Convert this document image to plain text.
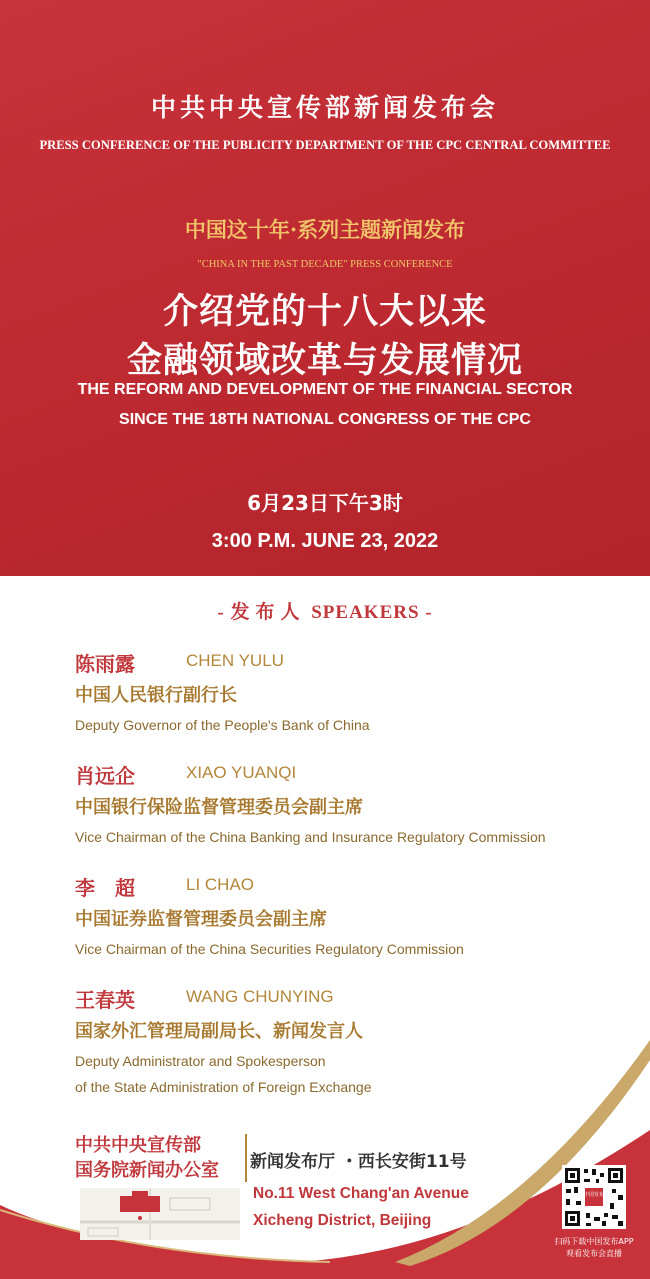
中共中央宣传部新闻发布会
PRESS CONFERENCE OF THE PUBLICITY DEPARTMENT OF THE CPC CENTRAL COMMITTEE
中国这十年·系列主题新闻发布
"CHINA IN THE PAST DECADE" PRESS CONFERENCE
介绍党的十八大以来
金融领域改革与发展情况
THE REFORM AND DEVELOPMENT OF THE FINANCIAL SECTOR
SINCE THE 18TH NATIONAL CONGRESS OF THE CPC
6月23日下午3时
3:00 P.M. JUNE 23, 2022
- 发布人 SPEAKERS -
陈雨露	CHEN YULU
中国人民银行副行长
Deputy Governor of the People's Bank of China
肖远企	XIAO YUANQI
中国银行保险监督管理委员会副主席
Vice Chairman of the China Banking and Insurance Regulatory Commission
李　超	LI CHAO
中国证券监督管理委员会副主席
Vice Chairman of the China Securities Regulatory Commission
王春英	WANG CHUNYING
国家外汇管理局副局长、新闻发言人
Deputy Administrator and Spokesperson
of the State Administration of Foreign Exchange
中共中央宣传部
国务院新闻办公室 新闻发布厅 ・西长安街11号
No.11 West Chang'an Avenue
Xicheng District, Beijing
中国发布
扫码下载中国发布APP
观看发布会直播
